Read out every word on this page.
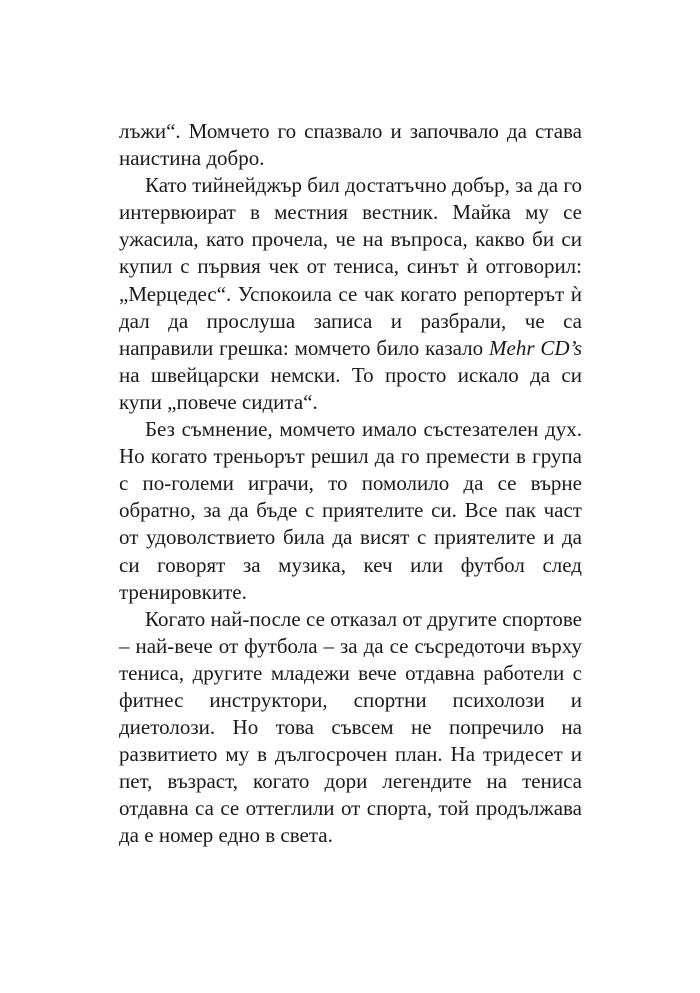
лъжи“. Момчето го спазвало и започвало да става наистина добро.

Като тийнейджър бил достатъчно добър, за да го интервюират в местния вестник. Майка му се ужасила, като прочела, че на въпроса, какво би си купил с първия чек от тениса, синът ѝ отговорил: „Мерцедес“. Успокоила се чак когато репортерът ѝ дал да прослуша записа и разбрали, че са направили грешка: момчето било казало Mehr CD’s на швейцарски немски. То просто искало да си купи „повече сидита“.

Без съмнение, момчето имало състезателен дух. Но когато треньорът решил да го премести в група с по-големи играчи, то помолило да се върне обратно, за да бъде с приятелите си. Все пак част от удоволствието била да висят с приятелите и да си говорят за музика, кеч или футбол след тренировките.

Когато най-после се отказал от другите спортове – най-вече от футбола – за да се съсредоточи върху тениса, другите младежи вече отдавна работели с фитнес инструктори, спортни психолози и диетолози. Но това съвсем не попречило на развитието му в дългосрочен план. На тридесет и пет, възраст, когато дори легендите на тениса отдавна са се оттеглили от спорта, той продължава да е номер едно в света.
